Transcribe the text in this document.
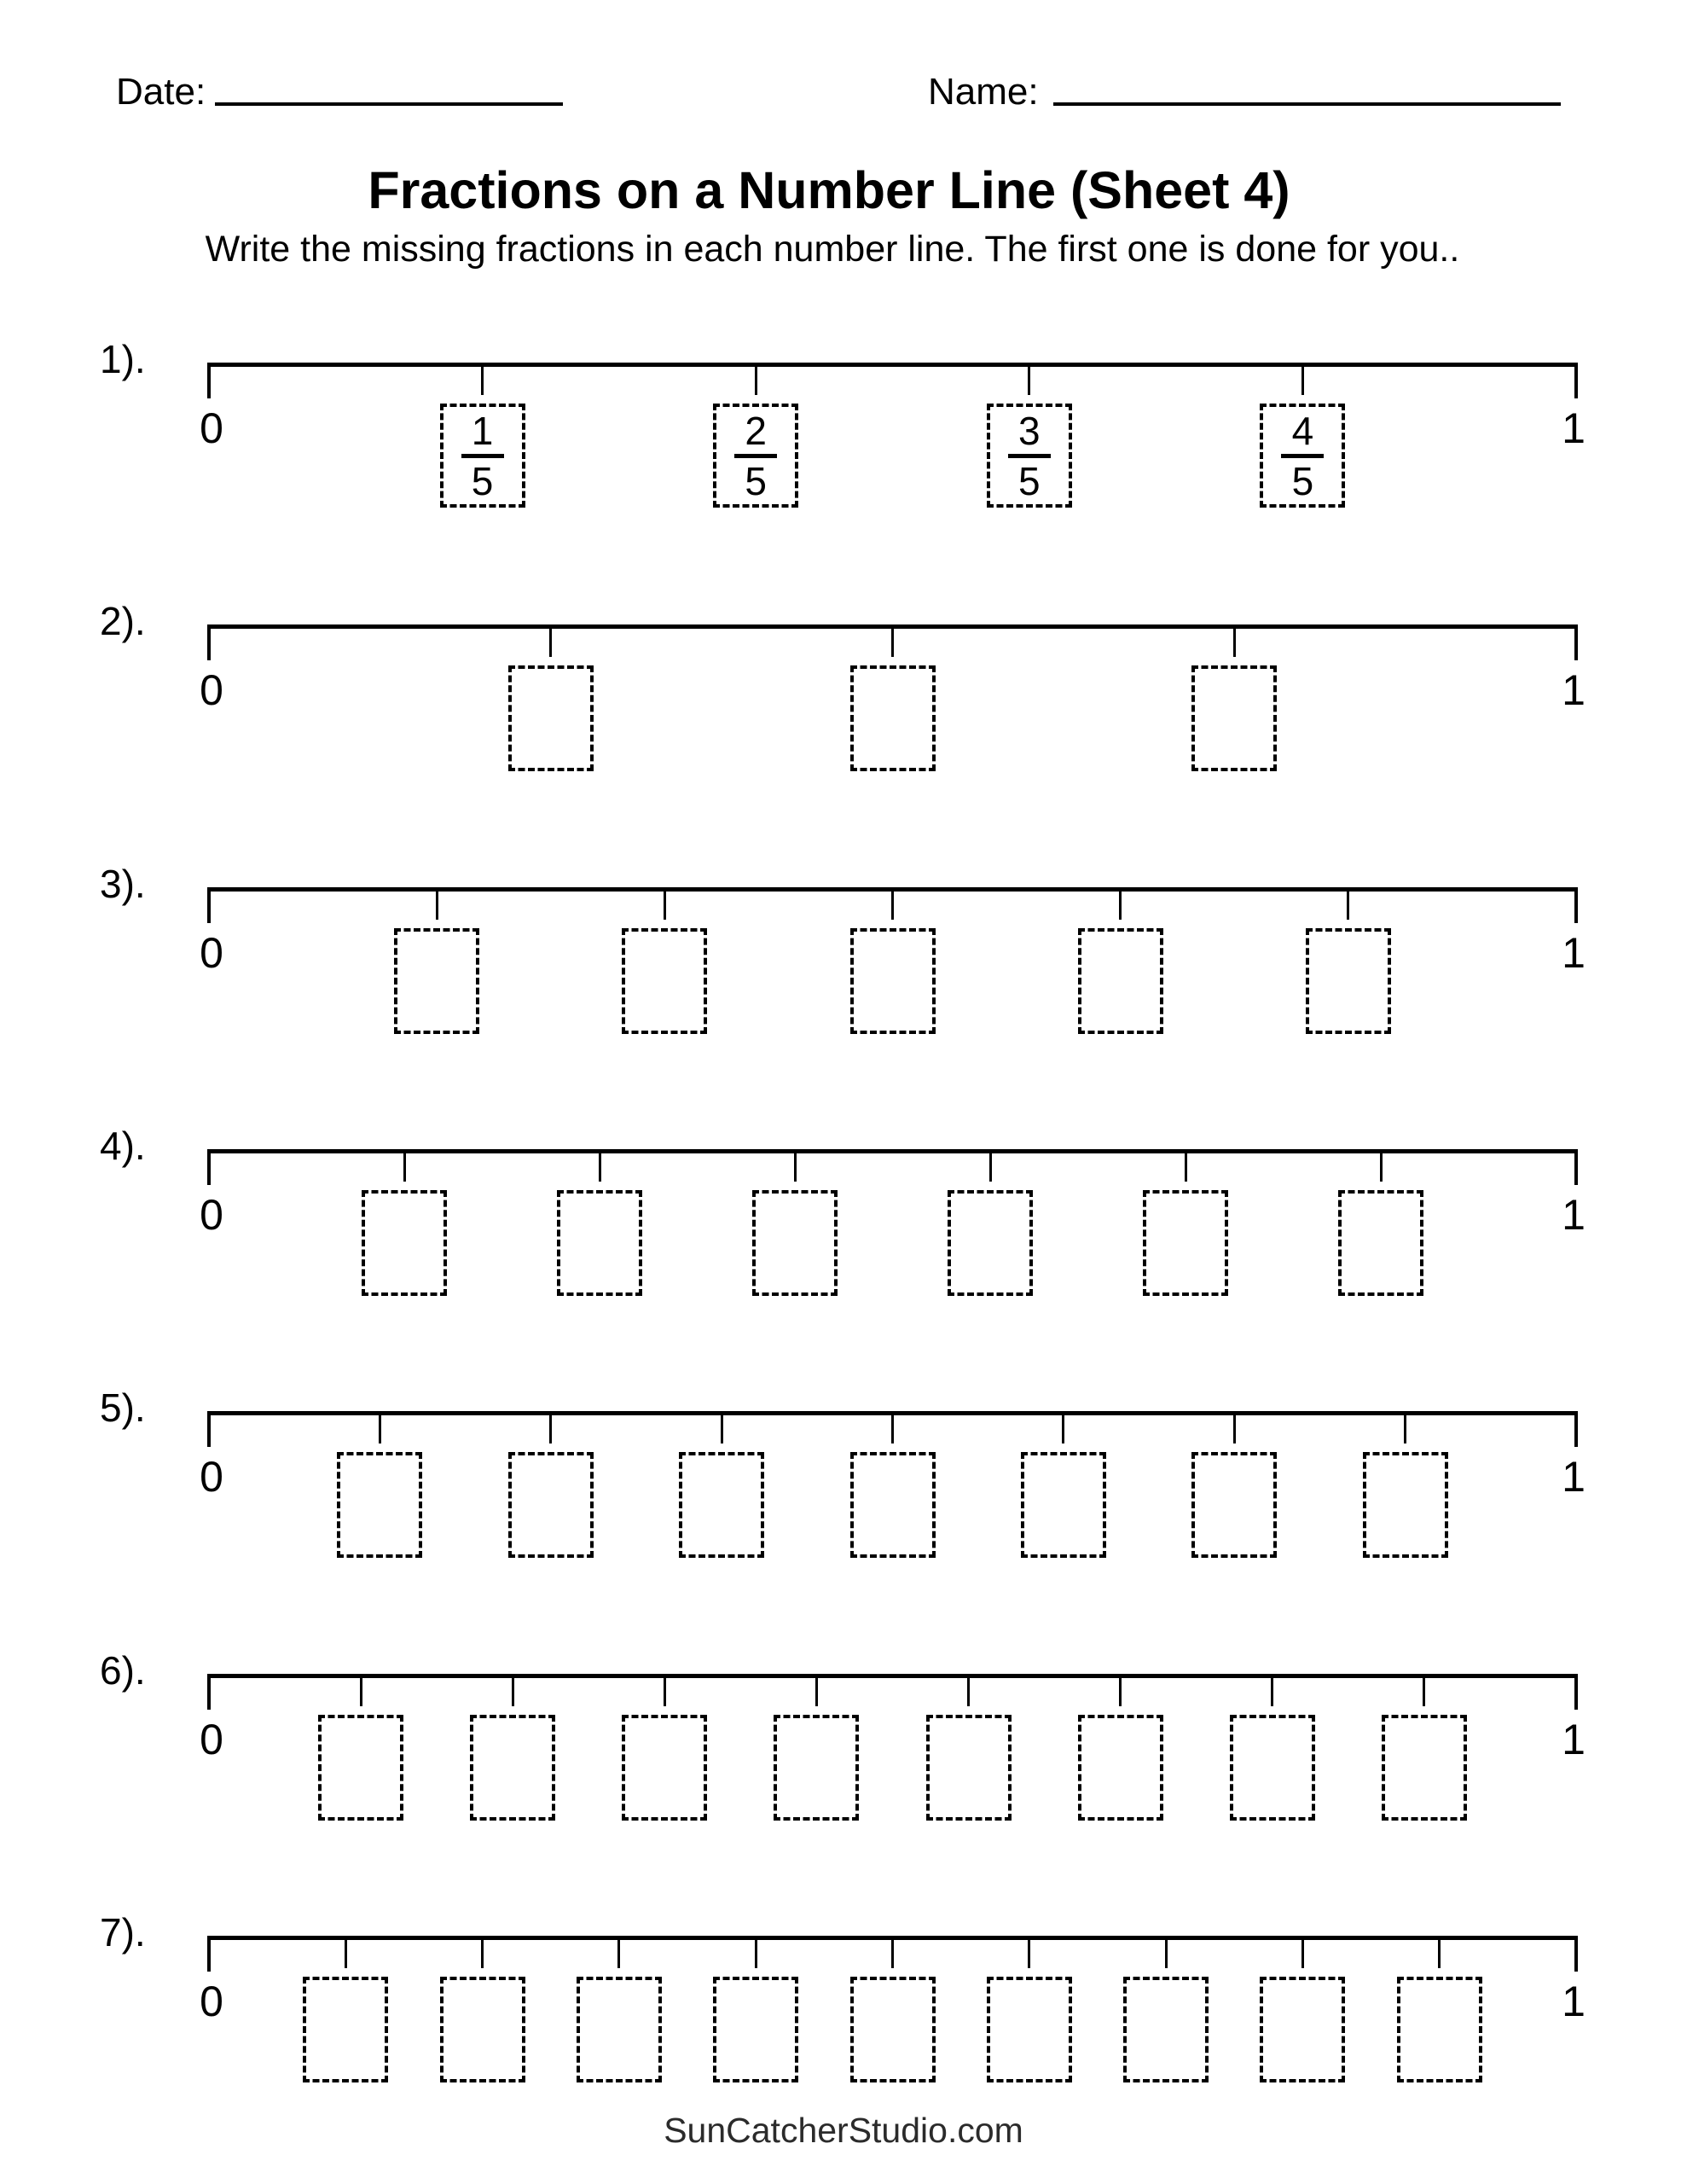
Date:	Name:
Fractions on a Number Line (Sheet 4)

Write the missing fractions in each number line. The first one is done for you..

1).
0	1
1
5
2
5
3
5
4
5
2).
0	1
3).
0	1
4).
0	1
5).
0	1
6).
0	1
7).
0	1

SunCatcherStudio.com
